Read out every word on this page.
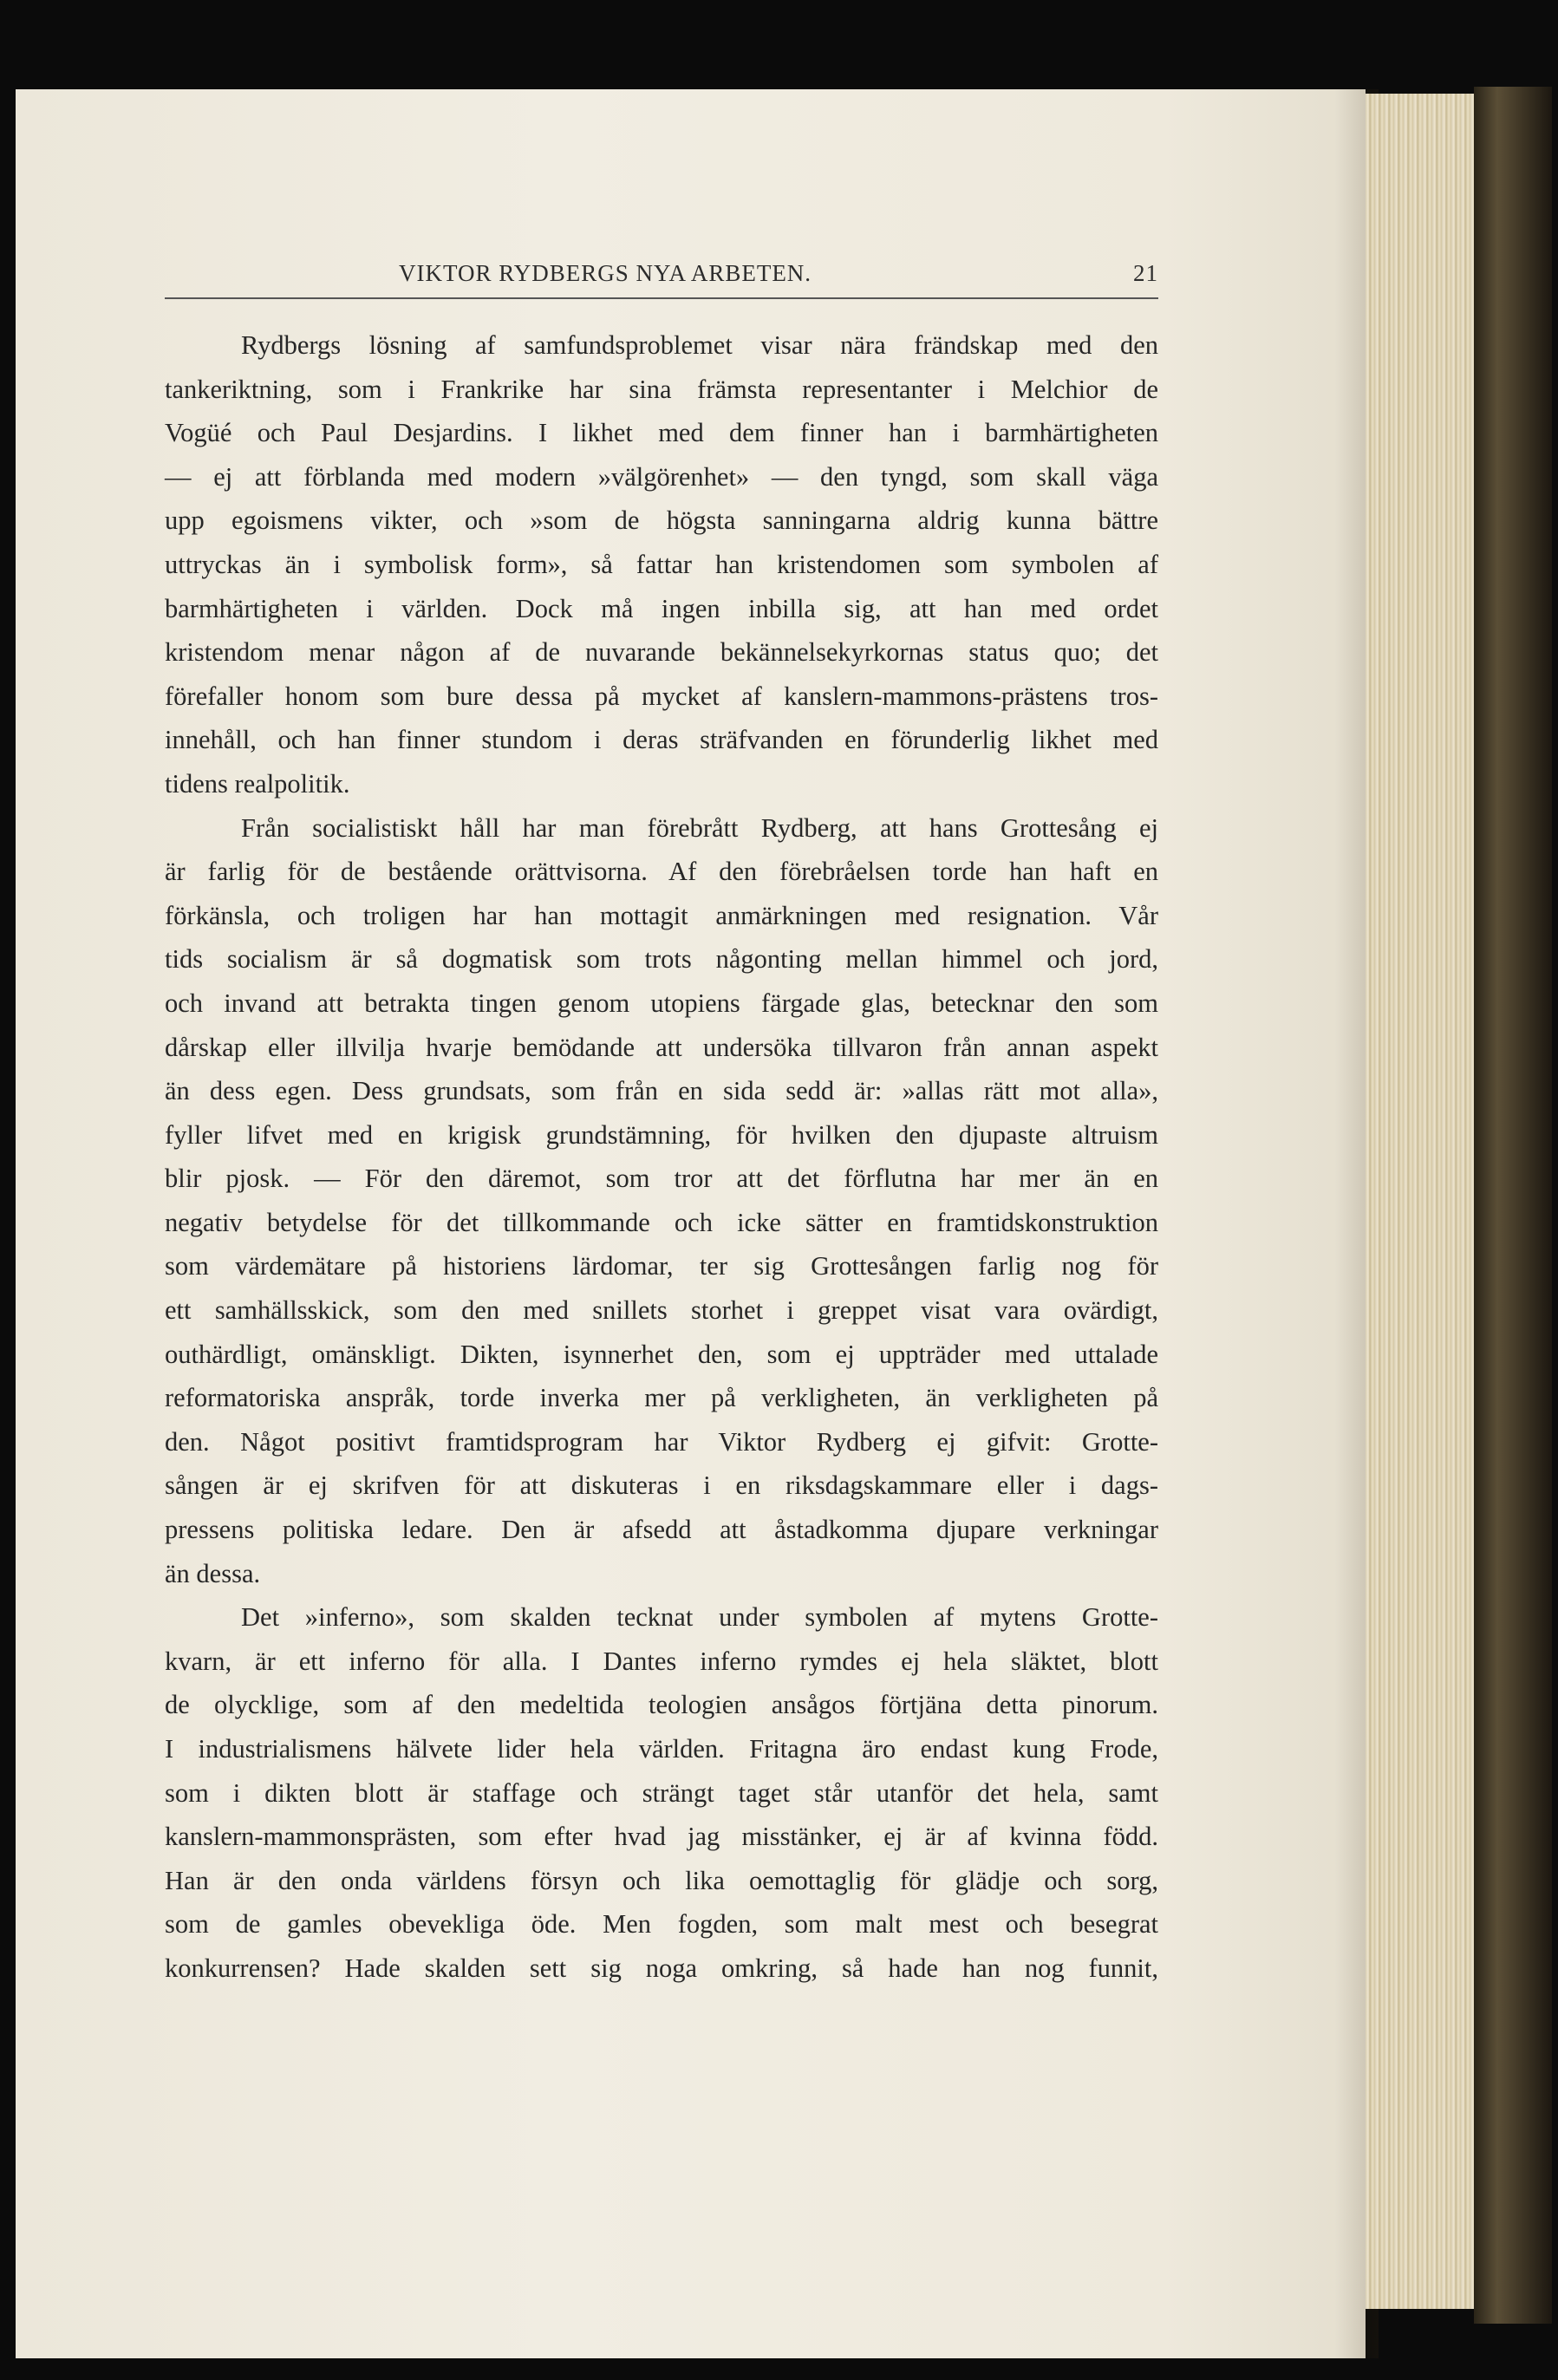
VIKTOR RYDBERGS NYA ARBETEN.	21
Rydbergs lösning af samfundsproblemet visar nära frändskap med den
tankeriktning, som i Frankrike har sina främsta representanter i Melchior de
Vogüé och Paul Desjardins. I likhet med dem finner han i barmhärtigheten
— ej att förblanda med modern »välgörenhet» — den tyngd, som skall väga
upp egoismens vikter, och »som de högsta sanningarna aldrig kunna bättre
uttryckas än i symbolisk form», så fattar han kristendomen som symbolen af
barmhärtigheten i världen. Dock må ingen inbilla sig, att han med ordet
kristendom menar någon af de nuvarande bekännelsekyrkornas status quo; det
förefaller honom som bure dessa på mycket af kanslern-mammons-prästens tros-
innehåll, och han finner stundom i deras sträfvanden en förunderlig likhet med
tidens realpolitik.
Från socialistiskt håll har man förebrått Rydberg, att hans Grottesång ej
är farlig för de bestående orättvisorna. Af den förebråelsen torde han haft en
förkänsla, och troligen har han mottagit anmärkningen med resignation. Vår
tids socialism är så dogmatisk som trots någonting mellan himmel och jord,
och invand att betrakta tingen genom utopiens färgade glas, betecknar den som
dårskap eller illvilja hvarje bemödande att undersöka tillvaron från annan aspekt
än dess egen. Dess grundsats, som från en sida sedd är: »allas rätt mot alla»,
fyller lifvet med en krigisk grundstämning, för hvilken den djupaste altruism
blir pjosk. — För den däremot, som tror att det förflutna har mer än en
negativ betydelse för det tillkommande och icke sätter en framtidskonstruktion
som värdemätare på historiens lärdomar, ter sig Grottesången farlig nog för
ett samhällsskick, som den med snillets storhet i greppet visat vara ovärdigt,
outhärdligt, omänskligt. Dikten, isynnerhet den, som ej uppträder med uttalade
reformatoriska anspråk, torde inverka mer på verkligheten, än verkligheten på
den. Något positivt framtidsprogram har Viktor Rydberg ej gifvit: Grotte-
sången är ej skrifven för att diskuteras i en riksdagskammare eller i dags-
pressens politiska ledare. Den är afsedd att åstadkomma djupare verkningar
än dessa.
Det »inferno», som skalden tecknat under symbolen af mytens Grotte-
kvarn, är ett inferno för alla. I Dantes inferno rymdes ej hela släktet, blott
de olycklige, som af den medeltida teologien ansågos förtjäna detta pinorum.
I industrialismens hälvete lider hela världen. Fritagna äro endast kung Frode,
som i dikten blott är staffage och strängt taget står utanför det hela, samt
kanslern-mammonsprästen, som efter hvad jag misstänker, ej är af kvinna född.
Han är den onda världens försyn och lika oemottaglig för glädje och sorg,
som de gamles obevekliga öde. Men fogden, som malt mest och besegrat
konkurrensen? Hade skalden sett sig noga omkring, så hade han nog funnit,
